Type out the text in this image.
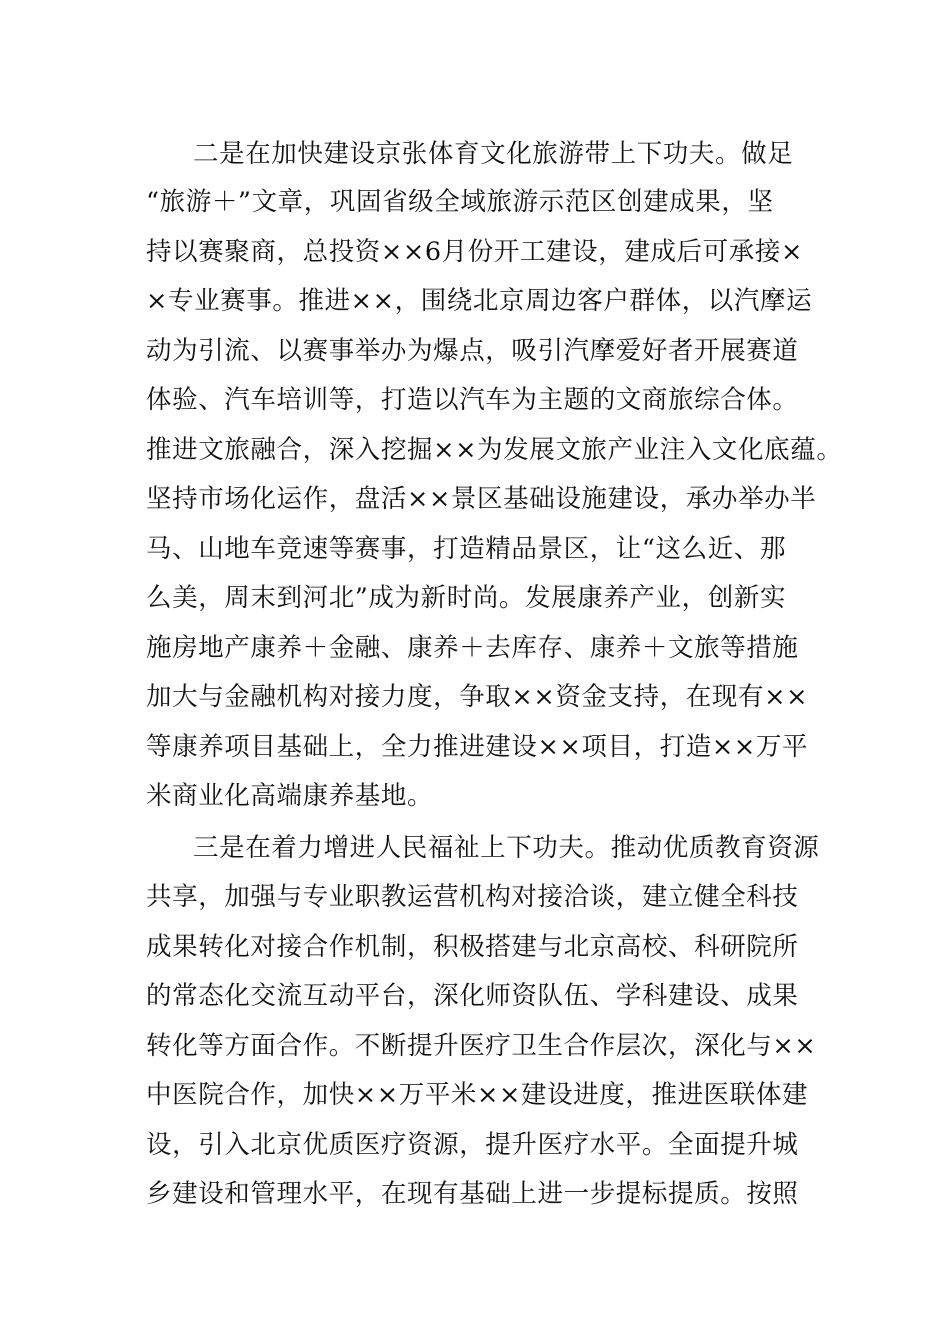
二是在加快建设京张体育文化旅游带上下功夫。做足
“旅游＋”文章，巩固省级全域旅游示范区创建成果，坚
持以赛聚商，总投资××6月份开工建设，建成后可承接×
×专业赛事。推进××，围绕北京周边客户群体，以汽摩运
动为引流、以赛事举办为爆点，吸引汽摩爱好者开展赛道
体验、汽车培训等，打造以汽车为主题的文商旅综合体。
推进文旅融合，深入挖掘××为发展文旅产业注入文化底蕴。
坚持市场化运作，盘活××景区基础设施建设，承办举办半
马、山地车竞速等赛事，打造精品景区，让“这么近、那
么美，周末到河北”成为新时尚。发展康养产业，创新实
施房地产康养＋金融、康养＋去库存、康养＋文旅等措施
加大与金融机构对接力度，争取××资金支持，在现有××
等康养项目基础上，全力推进建设××项目，打造××万平
米商业化高端康养基地。
三是在着力增进人民福祉上下功夫。推动优质教育资源
共享，加强与专业职教运营机构对接洽谈，建立健全科技
成果转化对接合作机制，积极搭建与北京高校、科研院所
的常态化交流互动平台，深化师资队伍、学科建设、成果
转化等方面合作。不断提升医疗卫生合作层次，深化与××
中医院合作，加快××万平米××建设进度，推进医联体建
设，引入北京优质医疗资源，提升医疗水平。全面提升城
乡建设和管理水平，在现有基础上进一步提标提质。按照
